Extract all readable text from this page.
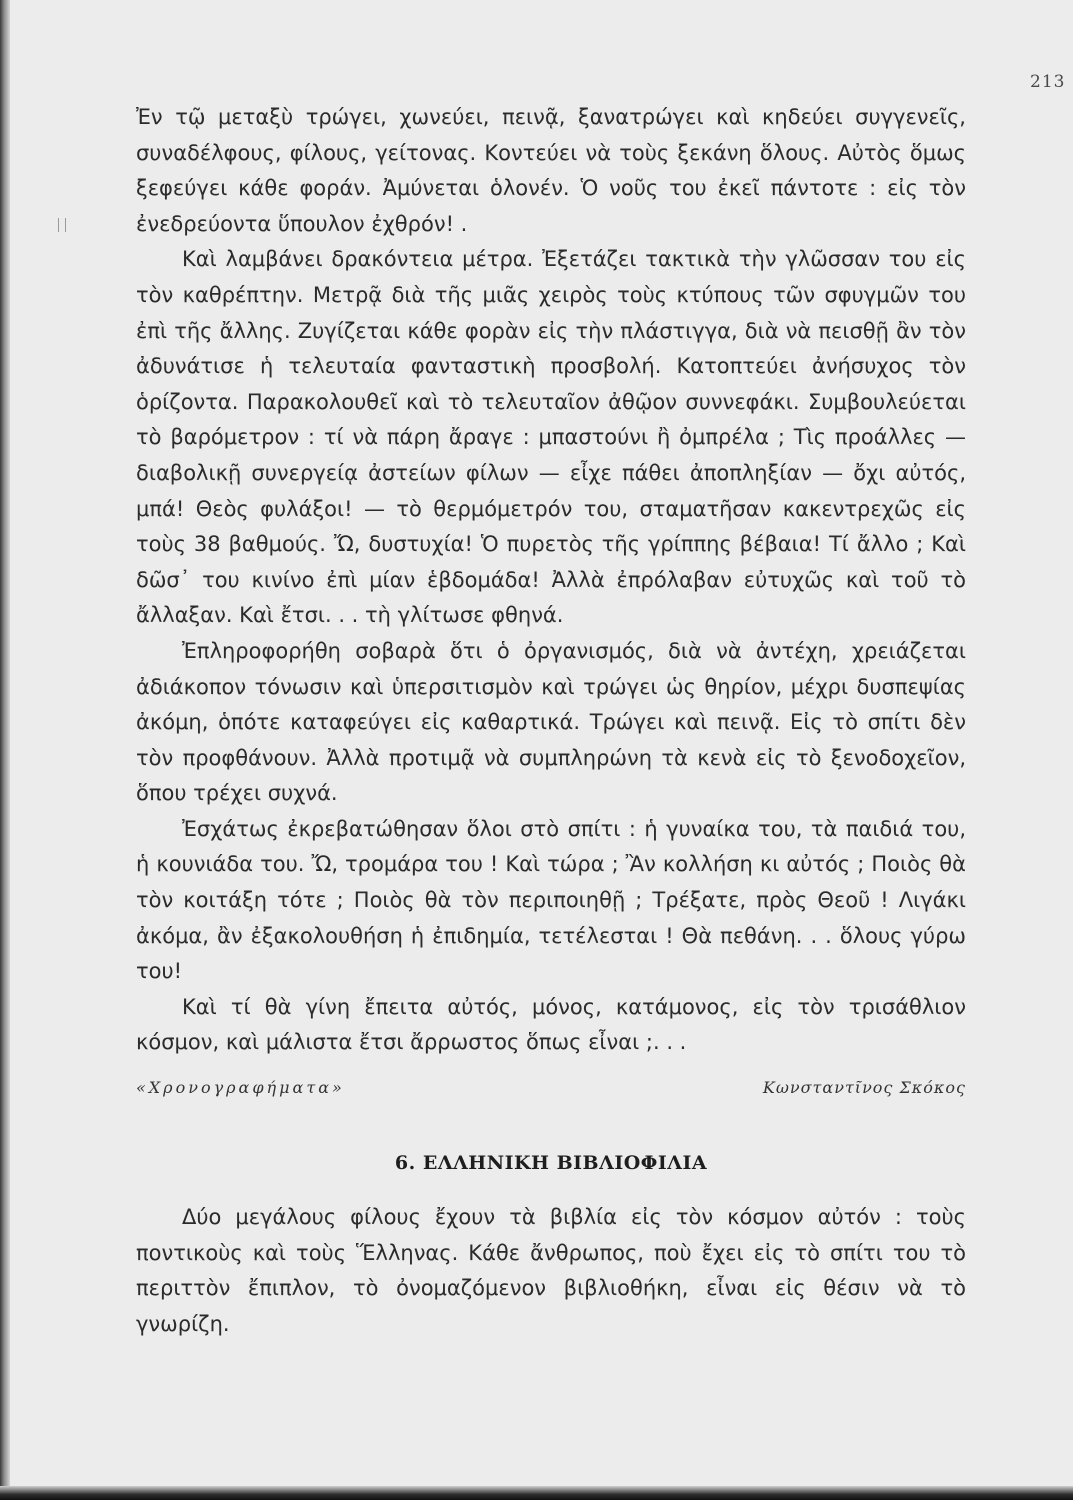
213

Ἐν τῷ μεταξὺ τρώγει, χωνεύει, πεινᾷ, ξανατρώγει καὶ κηδεύει συγγενεῖς, συναδέλφους, φίλους, γείτονας. Κοντεύει νὰ τοὺς ξεκάνη ὅλους. Αὐτὸς ὅμως ξεφεύγει κάθε φοράν. Ἀμύνεται ὁλονέν. Ὁ νοῦς του ἐκεῖ πάντοτε : εἰς τὸν ἐνεδρεύοντα ὕπουλον ἐχθρόν! .

Καὶ λαμβάνει δρακόντεια μέτρα. Ἐξετάζει τακτικὰ τὴν γλῶσσαν του εἰς τὸν καθρέπτην. Μετρᾷ διὰ τῆς μιᾶς χειρὸς τοὺς κτύπους τῶν σφυγμῶν του ἐπὶ τῆς ἄλλης. Ζυγίζεται κάθε φορὰν εἰς τὴν πλάστιγγα, διὰ νὰ πεισθῇ ἂν τὸν ἀδυνάτισε ἡ τελευταία φανταστικὴ προσβολή. Κατοπτεύει ἀνήσυχος τὸν ὁρίζοντα. Παρακολουθεῖ καὶ τὸ τελευταῖον ἀθῷον συννεφάκι. Συμβουλεύεται τὸ βαρόμετρον : τί νὰ πάρη ἄραγε : μπαστούνι ἢ ὀμπρέλα ; Τὶς προάλλες — διαβολικῇ συνεργείᾳ ἀστείων φίλων — εἶχε πάθει ἀποπληξίαν — ὄχι αὐτός, μπά! Θεὸς φυλάξοι! — τὸ θερμόμετρόν του, σταματῆσαν κακεντρεχῶς εἰς τοὺς 38 βαθμούς. Ὤ, δυστυχία! Ὁ πυρετὸς τῆς γρίππης βέβαια! Τί ἄλλο ; Καὶ δῶσ᾽ του κινίνο ἐπὶ μίαν ἑβδομάδα! Ἀλλὰ ἐπρόλαβαν εὐτυχῶς καὶ τοῦ τὸ ἄλλαξαν. Καὶ ἔτσι. . . τὴ γλίτωσε φθηνά.

Ἐπληροφορήθη σοβαρὰ ὅτι ὁ ὀργανισμός, διὰ νὰ ἀντέχη, χρειάζεται ἀδιάκοπον τόνωσιν καὶ ὑπερσιτισμὸν καὶ τρώγει ὡς θηρίον, μέχρι δυσπεψίας ἀκόμη, ὁπότε καταφεύγει εἰς καθαρτικά. Τρώγει καὶ πεινᾷ. Εἰς τὸ σπίτι δὲν τὸν προφθάνουν. Ἀλλὰ προτιμᾷ νὰ συμπληρώνη τὰ κενὰ εἰς τὸ ξενοδοχεῖον, ὅπου τρέχει συχνά.

Ἐσχάτως ἐκρεβατώθησαν ὅλοι στὸ σπίτι : ἡ γυναίκα του, τὰ παιδιά του, ἡ κουνιάδα του. Ὤ, τρομάρα του ! Καὶ τώρα ; Ἂν κολλήση κι αὐτός ; Ποιὸς θὰ τὸν κοιτάξη τότε ; Ποιὸς θὰ τὸν περιποιηθῇ ; Τρέξατε, πρὸς Θεοῦ ! Λιγάκι ἀκόμα, ἂν ἐξακολουθήση ἡ ἐπιδημία, τετέλεσται ! Θὰ πεθάνη. . . ὅλους γύρω του!

Καὶ τί θὰ γίνη ἔπειτα αὐτός, μόνος, κατάμονος, εἰς τὸν τρισάθλιον κόσμον, καὶ μάλιστα ἔτσι ἄρρωστος ὅπως εἶναι ;. . .

«Χρονογραφήματα»	Κωνσταντῖνος Σκόκος
6. ΕΛΛΗΝΙΚΗ ΒΙΒΛΙΟΦΙΛΙΑ

Δύο μεγάλους φίλους ἔχουν τὰ βιβλία εἰς τὸν κόσμον αὐτόν : τοὺς ποντικοὺς καὶ τοὺς Ἕλληνας. Κάθε ἄνθρωπος, ποὺ ἔχει εἰς τὸ σπίτι του τὸ περιττὸν ἔπιπλον, τὸ ὀνομαζόμενον βιβλιοθήκη, εἶναι εἰς θέσιν νὰ τὸ γνωρίζη.
